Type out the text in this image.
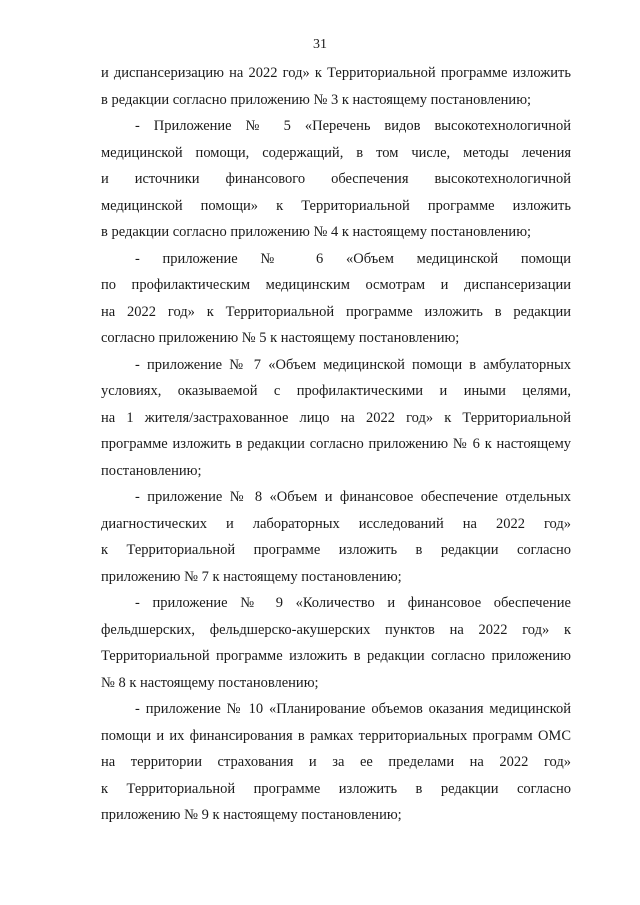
31
и диспансеризацию на 2022 год» к Территориальной программе изложить
в редакции согласно приложению № 3 к настоящему постановлению;
- Приложение № 5 «Перечень видов высокотехнологичной
медицинской помощи, содержащий, в том числе, методы лечения
и источники финансового обеспечения высокотехнологичной
медицинской помощи» к Территориальной программе изложить
в редакции согласно приложению № 4 к настоящему постановлению;
- приложение № 6 «Объем медицинской помощи
по профилактическим медицинским осмотрам и диспансеризации
на 2022 год» к Территориальной программе изложить в редакции
согласно приложению № 5 к настоящему постановлению;
- приложение № 7 «Объем медицинской помощи в амбулаторных
условиях, оказываемой с профилактическими и иными целями,
на 1 жителя/застрахованное лицо на 2022 год» к Территориальной
программе изложить в редакции согласно приложению № 6 к настоящему
постановлению;
- приложение № 8 «Объем и финансовое обеспечение отдельных
диагностических и лабораторных исследований на 2022 год»
к Территориальной программе изложить в редакции согласно
приложению № 7 к настоящему постановлению;
- приложение № 9 «Количество и финансовое обеспечение
фельдшерских, фельдшерско-акушерских пунктов на 2022 год» к
Территориальной программе изложить в редакции согласно приложению
№ 8 к настоящему постановлению;
- приложение № 10 «Планирование объемов оказания медицинской
помощи и их финансирования в рамках территориальных программ ОМС
на территории страхования и за ее пределами на 2022 год»
к Территориальной программе изложить в редакции согласно
приложению № 9 к настоящему постановлению;
